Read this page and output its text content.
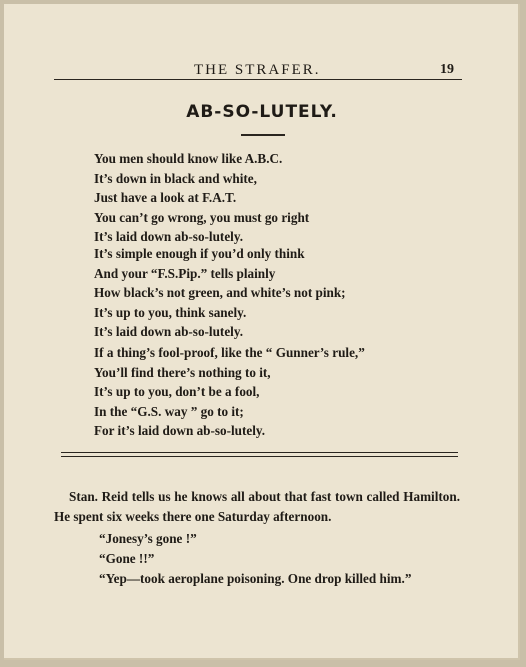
THE STRAFER.	19
AB-SO-LUTELY.
You men should know like A.B.C.
It’s down in black and white,
Just have a look at F.A.T.
You can’t go wrong, you must go right
It’s laid down ab-so-lutely.
It’s simple enough if you’d only think
And your “F.S.Pip.” tells plainly
How black’s not green, and white’s not pink;
It’s up to you, think sanely.
It’s laid down ab-so-lutely.
If a thing’s fool-proof, like the “ Gunner’s rule,”
You’ll find there’s nothing to it,
It’s up to you, don’t be a fool,
In the “G.S. way ” go to it;
For it’s laid down ab-so-lutely.
Stan. Reid tells us he knows all about that fast town called Hamilton. He spent six weeks there one Saturday afternoon.
“Jonesy’s gone !”
“Gone !!”
“Yep—took aeroplane poisoning. One drop killed him.”
